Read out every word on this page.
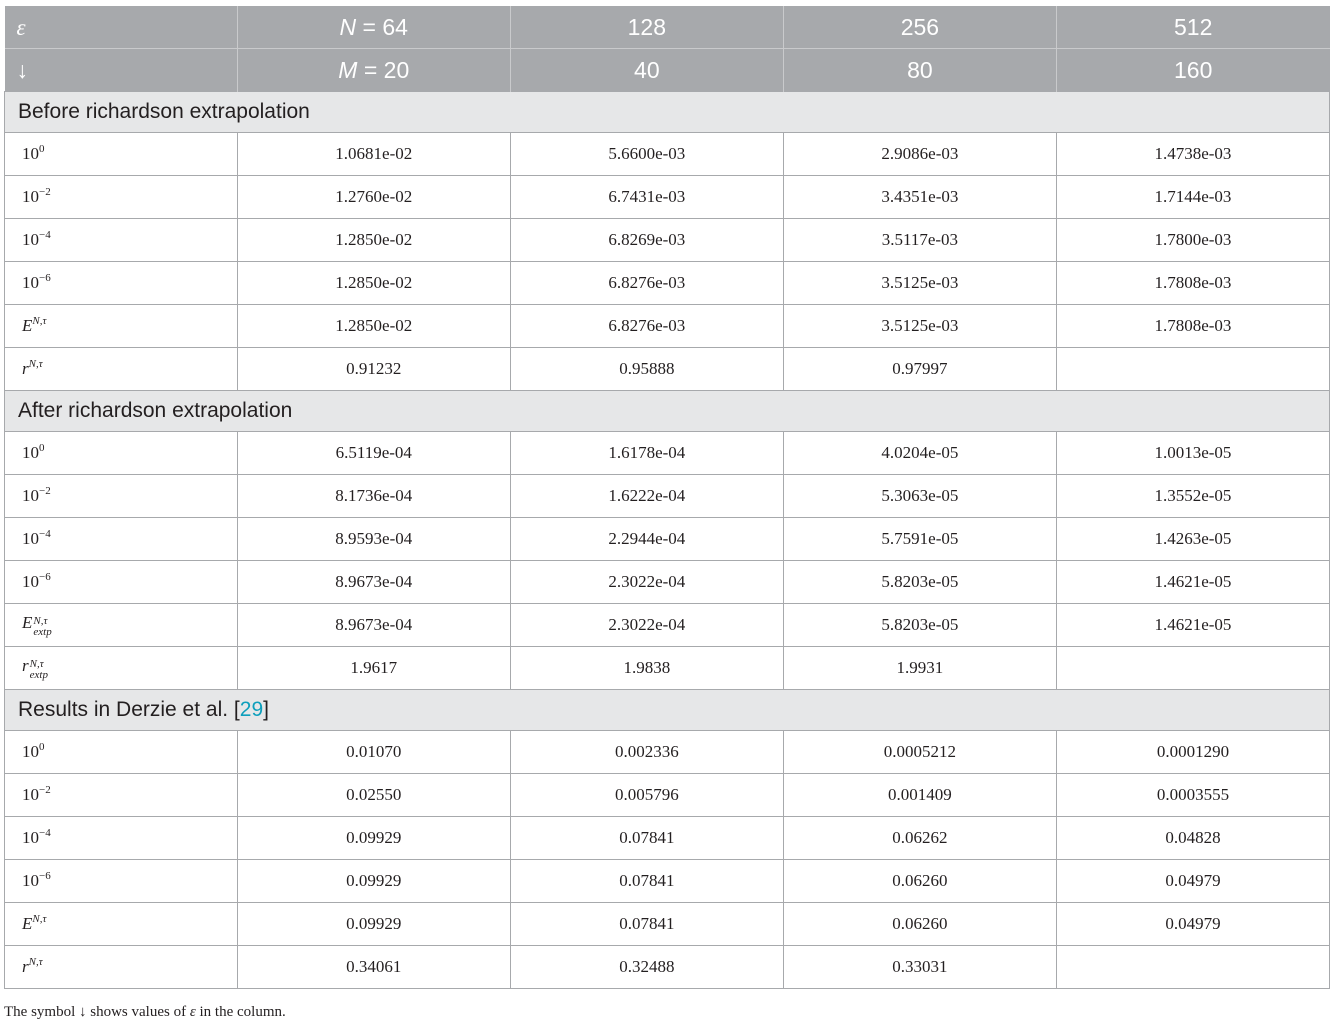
ε	N = 64	128	256	512
↓	M = 20	40	80	160
Before richardson extrapolation				
$10^0$	1.0681e-02	5.6600e-03	2.9086e-03	1.4738e-03
$10^{-2}$	1.2760e-02	6.7431e-03	3.4351e-03	1.7144e-03
$10^{-4}$	1.2850e-02	6.8269e-03	3.5117e-03	1.7800e-03
$10^{-6}$	1.2850e-02	6.8276e-03	3.5125e-03	1.7808e-03
$E^{N,\tau}$	1.2850e-02	6.8276e-03	3.5125e-03	1.7808e-03
$r^{N,\tau}$	0.91232	0.95888	0.97997	
After richardson extrapolation				
$10^0$	6.5119e-04	1.6178e-04	4.0204e-05	1.0013e-05
$10^{-2}$	8.1736e-04	1.6222e-04	5.3063e-05	1.3552e-05
$10^{-4}$	8.9593e-04	2.2944e-04	5.7591e-05	1.4263e-05
$10^{-6}$	8.9673e-04	2.3022e-04	5.8203e-05	1.4621e-05
E N,τ
extp	8.9673e-04	2.3022e-04	5.8203e-05	1.4621e-05
r N,τ
extp	1.9617	1.9838	1.9931	
Results in Derzie et al. [29]				
$10^0$	0.01070	0.002336	0.0005212	0.0001290
$10^{-2}$	0.02550	0.005796	0.001409	0.0003555
$10^{-4}$	0.09929	0.07841	0.06262	0.04828
$10^{-6}$	0.09929	0.07841	0.06260	0.04979
$E^{N,\tau}$	0.09929	0.07841	0.06260	0.04979
$r^{N,\tau}$	0.34061	0.32488	0.33031	
The symbol ↓ shows values of ε in the column.
